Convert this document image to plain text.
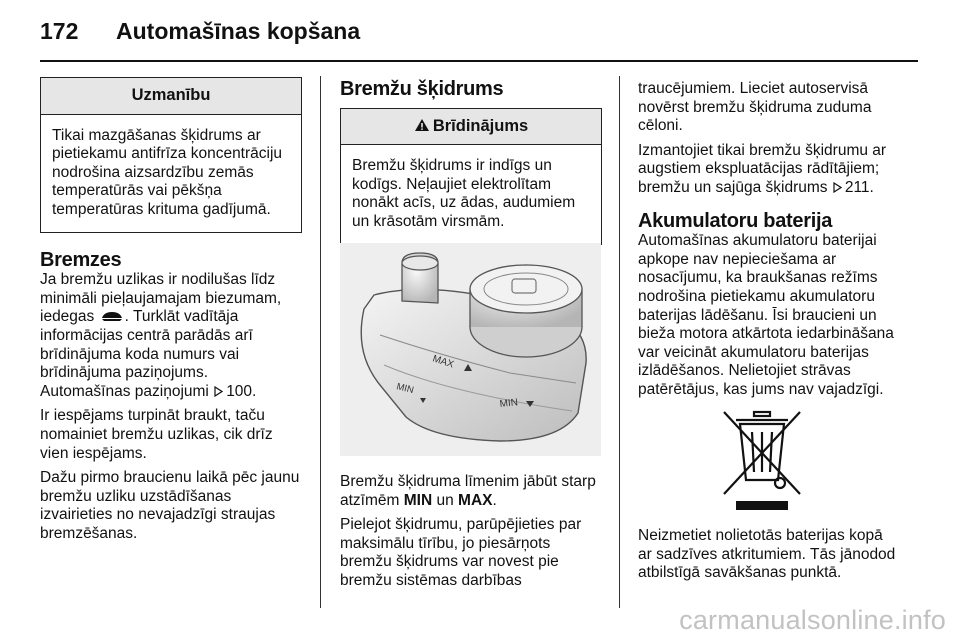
172 Automašīnas kopšana
Uzmanību
Tikai mazgāšanas šķidrums ar
pietiekamu antifrīza koncentrāciju
nodrošina aizsardzību zemās
temperatūrās vai pēkšņa
temperatūras krituma gadījumā.
Bremzes

Ja bremžu uzlikas ir nodilušas līdz
minimāli pieļaujamajam biezumam,
iedegas . Turklāt vadītāja
informācijas centrā parādās arī
brīdinājuma koda numurs vai
brīdinājuma paziņojums.
Automašīnas paziņojumi 100.

Ir iespējams turpināt braukt, taču
nomainiet bremžu uzlikas, cik drīz
vien iespējams.

Dažu pirmo braucienu laikā pēc jaunu
bremžu uzliku uzstādīšanas
izvairieties no nevajadzīgi straujas
bremzēšanas.

Bremžu šķidrums
Brīdinājums
Bremžu šķidrums ir indīgs un
kodīgs. Neļaujiet elektrolītam
nonākt acīs, uz ādas, audumiem
un krāsotām virsmām.
MAX
MIN
MIN

Bremžu šķidruma līmenim jābūt starp
atzīmēm MIN un MAX.

Pielejot šķidrumu, parūpējieties par
maksimālu tīrību, jo piesārņots
bremžu šķidrums var novest pie
bremžu sistēmas darbības

traucējumiem. Lieciet autoservisā
novērst bremžu šķidruma zuduma
cēloni.

Izmantojiet tikai bremžu šķidrumu ar
augstiem ekspluatācijas rādītājiem;
bremžu un sajūga šķidrums 211.

Akumulatoru baterija

Automašīnas akumulatoru baterijai
apkope nav nepieciešama ar
nosacījumu, ka braukšanas režīms
nodrošina pietiekamu akumulatoru
baterijas lādēšanu. Īsi braucieni un
bieža motora atkārtota iedarbināšana
var veicināt akumulatoru baterijas
izlādēšanos. Nelietojiet strāvas
patērētājus, kas jums nav vajadzīgi.

Neizmetiet nolietotās baterijas kopā
ar sadzīves atkritumiem. Tās jānodod
atbilstīgā savākšanas punktā.

carmanualsonline.info
